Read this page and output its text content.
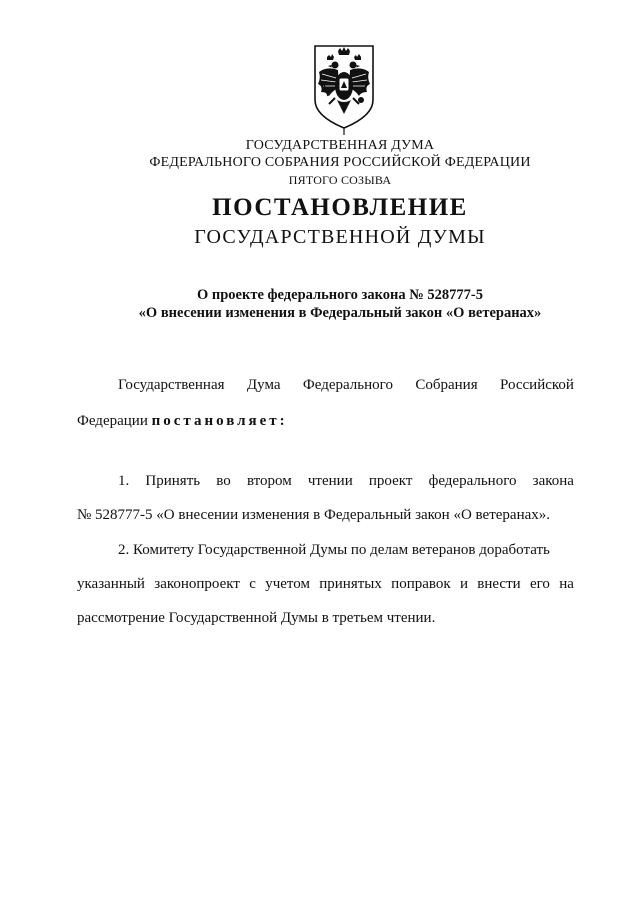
ГОСУДАРСТВЕННАЯ ДУМА
ФЕДЕРАЛЬНОГО СОБРАНИЯ РОССИЙСКОЙ ФЕДЕРАЦИИ
ПЯТОГО СОЗЫВА
ПОСТАНОВЛЕНИЕ
ГОСУДАРСТВЕННОЙ ДУМЫ
О проекте федерального закона № 528777-5
«О внесении изменения в Федеральный закон «О ветеранах»
Государственная Дума Федерального Собрания Российской
Федерации постановляет:
1. Принять во втором чтении проект федерального закона
№ 528777-5 «О внесении изменения в Федеральный закон «О ветеранах».
2. Комитету Государственной Думы по делам ветеранов доработать
указанный законопроект с учетом принятых поправок и внести его на
рассмотрение Государственной Думы в третьем чтении.
